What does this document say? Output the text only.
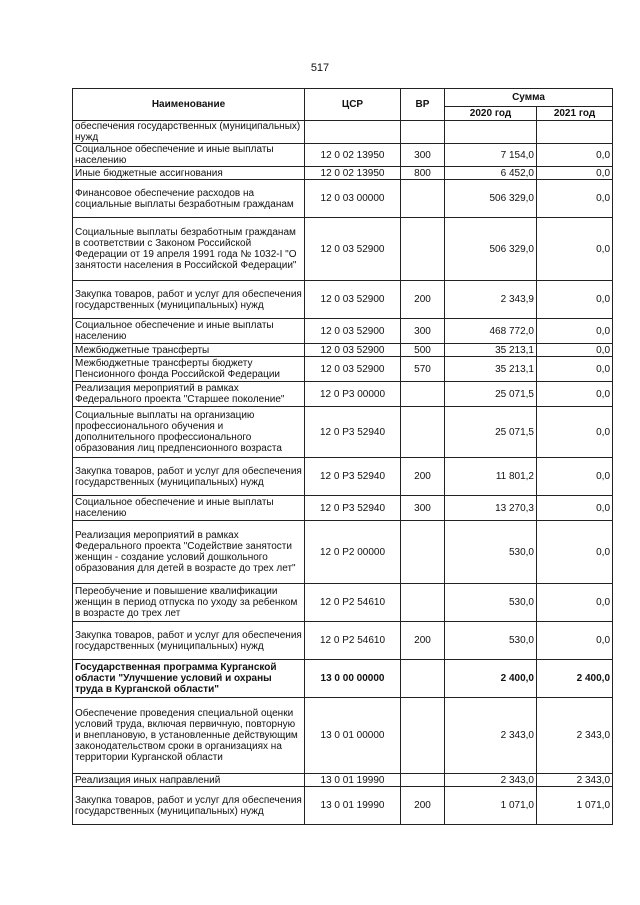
517
Наименование	ЦСР	ВР	Сумма	
			2020 год	2021 год
обеспечения государственных (муниципальных) нужд				
Социальное обеспечение и иные выплаты населению	12 0 02 13950	300	7 154,0	0,0
Иные бюджетные ассигнования	12 0 02 13950	800	6 452,0	0,0
Финансовое обеспечение расходов на социальные выплаты безработным гражданам	12 0 03 00000		506 329,0	0,0
Социальные выплаты безработным гражданам в соответствии с Законом Российской Федерации от 19 апреля 1991 года № 1032-I "О занятости населения в Российской Федерации"	12 0 03 52900		506 329,0	0,0
Закупка товаров, работ и услуг для обеспечения государственных (муниципальных) нужд	12 0 03 52900	200	2 343,9	0,0
Социальное обеспечение и иные выплаты населению	12 0 03 52900	300	468 772,0	0,0
Межбюджетные трансферты	12 0 03 52900	500	35 213,1	0,0
Межбюджетные трансферты бюджету Пенсионного фонда Российской Федерации	12 0 03 52900	570	35 213,1	0,0
Реализация мероприятий в рамках Федерального проекта "Старшее поколение"	12 0 Р3 00000		25 071,5	0,0
Социальные выплаты на организацию профессионального обучения и дополнительного профессионального образования лиц предпенсионного возраста	12 0 Р3 52940		25 071,5	0,0
Закупка товаров, работ и услуг для обеспечения государственных (муниципальных) нужд	12 0 Р3 52940	200	11 801,2	0,0
Социальное обеспечение и иные выплаты населению	12 0 Р3 52940	300	13 270,3	0,0
Реализация мероприятий в рамках Федерального проекта "Содействие занятости женщин - создание условий дошкольного образования для детей в возрасте до трех лет"	12 0 Р2 00000		530,0	0,0
Переобучение и повышение квалификации женщин в период отпуска по уходу за ребенком в возрасте до трех лет	12 0 Р2 54610		530,0	0,0
Закупка товаров, работ и услуг для обеспечения государственных (муниципальных) нужд	12 0 Р2 54610	200	530,0	0,0
Государственная программа Курганской области "Улучшение условий и охраны труда в Курганской области"	13 0 00 00000		2 400,0	2 400,0
Обеспечение проведения специальной оценки условий труда, включая первичную, повторную и внеплановую, в установленные действующим законодательством сроки в организациях на территории Курганской области	13 0 01 00000		2 343,0	2 343,0
Реализация иных направлений	13 0 01 19990		2 343,0	2 343,0
Закупка товаров, работ и услуг для обеспечения государственных (муниципальных) нужд	13 0 01 19990	200	1 071,0	1 071,0
